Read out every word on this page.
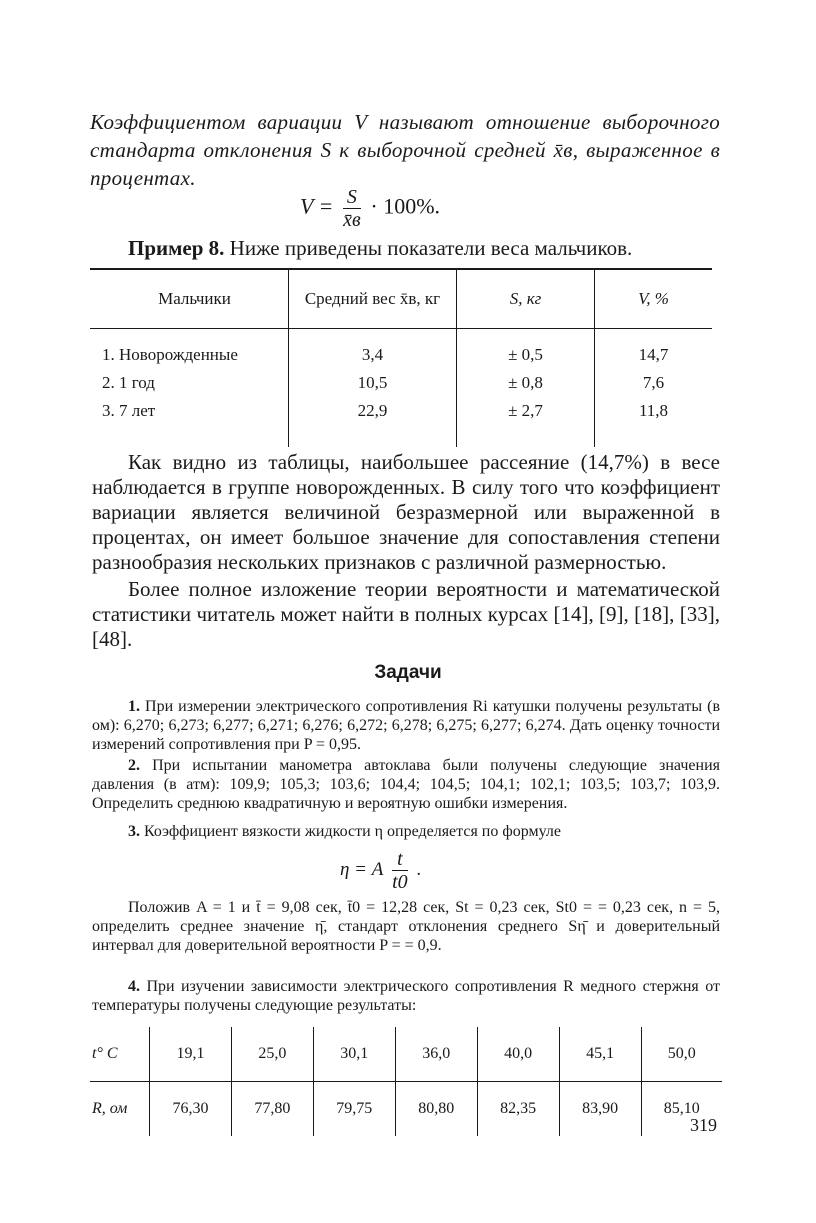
Коэффициентом вариации V называют отношение выборочного стандарта отклонения S к выборочной средней x̄в, выраженное в процентах.
$V = \frac{S}{x̄в} \cdot 100\%$.
Пример 8. Ниже приведены показатели веса мальчиков.
Мальчики	Средний вес x̄в, кг	S, кг	V, %

1. Новорожденные	3,4	± 0,5	14,7
2. 1 год	10,5	± 0,8	7,6
3. 7 лет	22,9	± 2,7	11,8

Как видно из таблицы, наибольшее рассеяние (14,7%) в весе наблюдается в группе новорожденных. В силу того что коэффициент вариации является величиной безразмерной или выраженной в процентах, он имеет большое значение для сопоставления степени разнообразия нескольких признаков с различной размерностью.
Более полное изложение теории вероятности и математической статистики читатель может найти в полных курсах [14], [9], [18], [33], [48].
Задачи
1. При измерении электрического сопротивления Ri катушки получены результаты (в ом): 6,270; 6,273; 6,277; 6,271; 6,276; 6,272; 6,278; 6,275; 6,277; 6,274. Дать оценку точности измерений сопротивления при P = 0,95.
2. При испытании манометра автоклава были получены следующие значения давления (в атм): 109,9; 105,3; 103,6; 104,4; 104,5; 104,1; 102,1; 103,5; 103,7; 103,9. Определить среднюю квадратичную и вероятную ошибки измерения.
3. Коэффициент вязкости жидкости η определяется по формуле
η = A $\frac{t}{t0}$ .
Положив A = 1 и t̄ = 9,08 сек, t̄0 = 12,28 сек, St = 0,23 сек, St0 = = 0,23 сек, n = 5, определить среднее значение η̄, стандарт отклонения среднего Sη̄ и доверительный интервал для доверительной вероятности P = = 0,9.
4. При изучении зависимости электрического сопротивления R медного стержня от температуры получены следующие результаты:
t° C	19,1	25,0	30,1	36,0	40,0	45,1	50,0
R, ом	76,30	77,80	79,75	80,80	82,35	83,90	85,10
319
